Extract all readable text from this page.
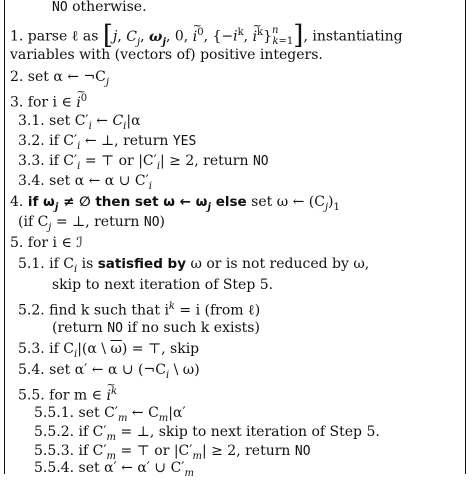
NO otherwise.
1. parse ℓ as [j, $C_j$, $\omega_j$, 0, ~ $i^0$, {$-i^k$, ~ $i^k\}^n_{k=1}$], instantiating
variables with (vectors of) positive integers.
2. set α ← $\neg C_j$
3. for i ∈ ~ $i^0$
3.1. set $C'_i$ ← $C_i|\alpha$
3.2. if $C'_i$ ← ⊥, return YES
3.3. if $C'_i$ = ⊤ or $|C'_i| \ge 2$, return NO
3.4. set α ← α ∪ $C'_i$
4. if $\omega_j$ ≠ ∅ then set ω ← $\omega_j$ else set ω ← $(C_j)_1$
(if $C_j$ = ⊥, return NO)
5. for i ∈ ℐ
5.1. if $C_i$ is satisfied by ω or is not reduced by ω,
skip to next iteration of Step 5.
5.2. find k such that $i^k = i$ (from ℓ)
(return NO if no such k exists)
5.3. if $C_i|(\alpha$ \ $\overline{\omega}$) = ⊤, skip
5.4. set α′ ← α ∪ ($\neg C_i$ \ ω)
5.5. for m ∈ ~ $i^k$
5.5.1. set $C'_m$ ← $C_m|\alpha'$
5.5.2. if $C'_m$ = ⊥, skip to next iteration of Step 5.
5.5.3. if $C'_m$ = ⊤ or $|C'_m| \ge 2$, return NO
5.5.4. set α′ ← α′ ∪ $C'_m$
